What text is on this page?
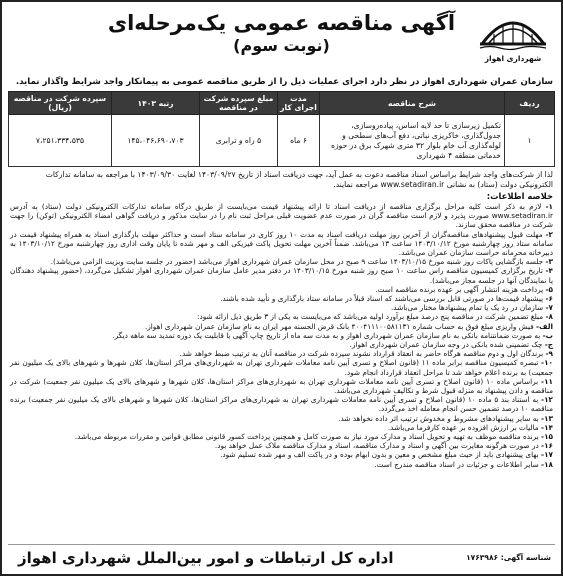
شهرداری اهواز
آگهی مناقصه عمومی یک‌مرحله‌ای
(نوبت سوم)
سازمان عمران شهرداری اهواز در نظر دارد اجرای عملیات ذیل را از طریق مناقصه عمومی به پیمانکار واجد شرایط واگذار نماید.
ردیف	شرح مناقصه	مدت اجرای کار	مبلغ سپرده شرکت در مناقصه	رتبه ۱۴۰۳	سپرده شرکت در مناقصه (ریال)
۱	تکمیل زیرسازی تا حد لایه اساس، پیاده‌روسازی، جدول‌گذاری، خاکریزی نباتی، دفع آب‌های سطحی و لوله‌گذاری آب خام بلوار ۳۲ متری شهرک برق در حوزه خدماتی منطقه ۴ شهرداری	۶ ماه	۵ راه و ترابری	۱۴۵،۰۴۶،۶۹۰،۷۰۳	۷،۲۵۱،۳۳۴،۵۳۵
لذا از شرکت‌های واجد شرایط براساس اسناد مناقصه دعوت به عمل آید، جهت دریافت اسناد از تاریخ ۱۴۰۳/۰۹/۲۷ لغایت ۱۴۰۳/۰۹/۳۰ با مراجعه به سامانه تدارکات الکترونیکی دولت (ستاد) به نشانی www.setadiran.ir مراجعه نمایند.
خلاصه اطلاعات:
۱- لازم به ذکر است کلیه مراحل برگزاری مناقصه از دریافت اسناد تا ارائه پیشنهاد قیمت می‌بایست از طریق درگاه سامانه تدارکات الکترونیکی دولت (ستاد) به آدرس www.setadiran.ir صورت پذیرد و لازم است مناقصه گران در صورت عدم عضویت قبلی مراحل ثبت نام را در سایت مذکور و دریافت گواهی امضاء الکترونیکی (توکن) را جهت شرکت در مناقصه محقق سازند.
۲- مهلت قبول پیشنهادهای مناقصه‌گران از آخرین روز مهلت دریافت اسناد به مدت ۱۰ روز کاری در سامانه ستاد است و حداکثر مهلت بارگذاری اسناد به همراه پیشنهاد قیمت در سامانه ستاد روز چهارشنبه مورخ ۱۴۰۳/۱۰/۱۲ ساعت ۱۳ می‌باشد. ضمناً آخرین مهلت تحویل پاکت فیزیکی الف و مهر شده تا پایان وقت اداری روز چهارشنبه مورخ ۱۴۰۳/۱۰/۱۲ به دبیرخانه محرمانه حراست سازمان عمران می‌باشد.
۳- جلسه بازگشایی پاکات روز شنبه مورخ ۱۴۰۳/۱۰/۱۵ ساعت ۹ صبح در محل سازمان عمران شهرداری اهواز می‌باشد (حضور در جلسه سایت وبزیت الزامی می‌باشد).
۴- تاریخ برگزاری کمیسیون مناقصه راس ساعت ۱۰ صبح روز شنبه مورخ ۱۴۰۳/۱۰/۱۵ در دفتر مدیر عامل سازمان عمران شهرداری اهواز تشکیل می‌گردد، (حضور پیشنهاد دهندگان یا نمایندگان آنها در جلسه مجاز می‌باشد).
۵- پرداخت هزینه انتشار آگهی بر عهده برنده مناقصه است.
۶- پیشنهاد قیمت‌ها در صورتی قابل بررسی می‌باشند که اسناد قبلاً در سامانه ستاد بارگذاری و تأیید شده باشند.
۷- سازمان در رد یک یا تمام پیشنهادها مختار می‌باشد.
۸- مبلغ تضمین شرکت در مناقصه پنج درصد مبلغ برآورد اولیه می‌باشد که می‌بایست به یکی از ۳ طریق ذیل ارائه شود:
الف- فیش واریزی مبلغ فوق به حساب شماره ۴۰۰۴۱۱۱۰۰۵۸۱۱۳۱ بانک قرض الحسنه مهر ایران به نام سازمان عمران شهرداری اهواز.
ب- به صورت ضمانتنامه بانکی به نام سازمان عمران شهرداری اهواز و به مدت سه ماه از تاریخ چاپ آگهی با قابلیت یک دوره تمدید سه ماهه دیگر.
ج- چک تضمینی شده بانکی در وجه سازمان عمران شهرداری اهواز.
۹- برندگان اول و دوم مناقصه هرگاه حاضر به انعقاد قرارداد نشوند سپرده شرکت در مناقصه آنان به ترتیب ضبط خواهد شد.
۱۰- تبصره کمیسیون مناقصه برابر ماده ۱۱ (قانون اصلاح و تسری آیین نامه معاملات شهرداری تهران به شهرداری‌های مراکز استان‌ها، کلان شهرها و شهرهای بالای یک میلیون نفر جمعیت) به برنده اعلام خواهد شد تا مراحل انعقاد قرارداد انجام شود.
۱۱- براساس ماده ۱۰ (قانون اصلاح و تسری آیین نامه معاملات شهرداری تهران به شهرداری‌های مراکز استان‌ها، کلان شهرها و شهرهای بالای یک میلیون نفر جمعیت) شرکت در مناقصه و دادن پیشنهاد به منزله قبول شرط و تکالیف شهرداری می‌باشد.
۱۲- به استناد بند ۵ ماده ۱۰ (قانون اصلاح و تسری آیین نامه معاملات شهرداری تهران به شهرداری‌های مراکز استان‌ها، کلان شهرها و شهرهای بالای یک میلیون نفر جمعیت) برنده مناقصه ۱۰ درصد تضمین حسن انجام معامله اخذ می‌گردد.
۱۳- به سایر پیشنهادهای مشروط و مخدوش ترتیب اثر داده نخواهد شد.
۱۴- مالیات بر ارزش افزوده بر عهده کارفرما می‌باشد.
۱۵- برنده مناقصه موظف به تهیه و تحویل اسناد و مدارک مورد نیاز به صورت کامل و همچنین پرداخت کسور قانونی مطابق قوانین و مقررات مربوطه می‌باشد.
۱۶- در صورت هرگونه مغایرت بین آگهی و اسناد و مدارک مناقصه، اسناد و مدارک مناقصه ملاک عمل خواهد بود.
۱۷- بهای پیشنهادی باید از حیث مبلغ مشخص و معین و بدون ابهام بوده و در پاکت الف و مهر شده تسلیم شود.
۱۸- سایر اطلاعات و جزئیات در اسناد مناقصه مندرج است.
شناسه آگهی: ۱۷۶۳۹۸۶
اداره کل ارتباطات و امور بین‌الملل شهرداری اهواز
